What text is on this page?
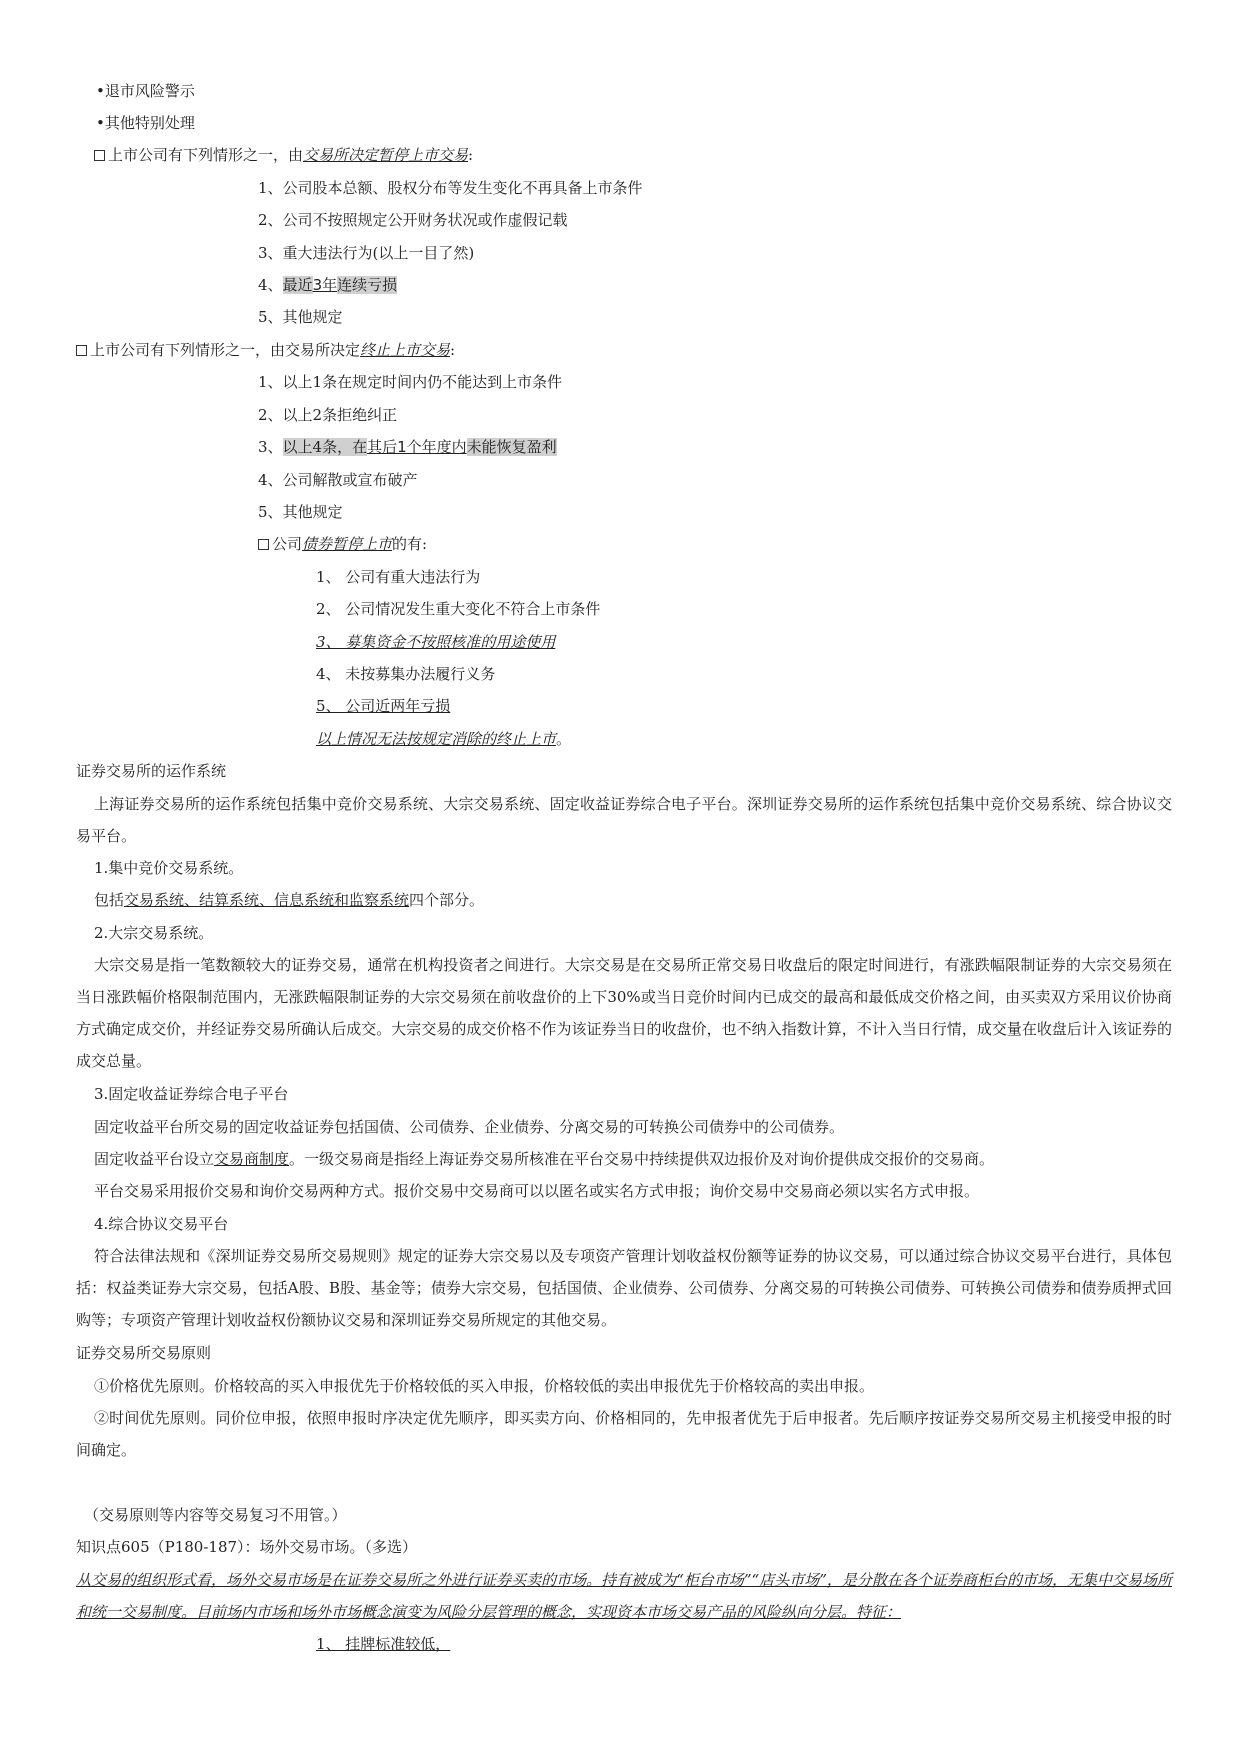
•退市风险警示
•其他特别处理
上市公司有下列情形之一，由交易所决定暂停上市交易:
1、公司股本总额、股权分布等发生变化不再具备上市条件
2、公司不按照规定公开财务状况或作虚假记载
3、重大违法行为(以上一目了然)
4、最近3年连续亏损
5、其他规定
上市公司有下列情形之一，由交易所决定终止上市交易:
1、以上1条在规定时间内仍不能达到上市条件
2、以上2条拒绝纠正
3、以上4条，在其后1个年度内未能恢复盈利
4、公司解散或宣布破产
5、其他规定
公司债券暂停上市的有:
1、 公司有重大违法行为
2、 公司情况发生重大变化不符合上市条件
3、 募集资金不按照核准的用途使用
4、 未按募集办法履行义务
5、 公司近两年亏损
以上情况无法按规定消除的终止上市。
证券交易所的运作系统
上海证券交易所的运作系统包括集中竞价交易系统、大宗交易系统、固定收益证券综合电子平台。深圳证券交易所的运作系统包括集中竞价交易系统、综合协议交易平台。
1.集中竞价交易系统。
包括交易系统、结算系统、信息系统和监察系统四个部分。
2.大宗交易系统。
大宗交易是指一笔数额较大的证券交易，通常在机构投资者之间进行。大宗交易是在交易所正常交易日收盘后的限定时间进行，有涨跌幅限制证券的大宗交易须在当日涨跌幅价格限制范围内，无涨跌幅限制证券的大宗交易须在前收盘价的上下30%或当日竞价时间内已成交的最高和最低成交价格之间，由买卖双方采用议价协商方式确定成交价，并经证券交易所确认后成交。大宗交易的成交价格不作为该证券当日的收盘价，也不纳入指数计算，不计入当日行情，成交量在收盘后计入该证券的成交总量。
3.固定收益证券综合电子平台
固定收益平台所交易的固定收益证券包括国债、公司债券、企业债券、分离交易的可转换公司债券中的公司债券。
固定收益平台设立交易商制度。一级交易商是指经上海证券交易所核准在平台交易中持续提供双边报价及对询价提供成交报价的交易商。
平台交易采用报价交易和询价交易两种方式。报价交易中交易商可以以匿名或实名方式申报；询价交易中交易商必须以实名方式申报。
4.综合协议交易平台
符合法律法规和《深圳证券交易所交易规则》规定的证券大宗交易以及专项资产管理计划收益权份额等证券的协议交易，可以通过综合协议交易平台进行，具体包括：权益类证券大宗交易，包括A股、B股、基金等；债券大宗交易，包括国债、企业债券、公司债券、分离交易的可转换公司债券、可转换公司债券和债券质押式回购等；专项资产管理计划收益权份额协议交易和深圳证券交易所规定的其他交易。
证券交易所交易原则
①价格优先原则。价格较高的买入申报优先于价格较低的买入申报，价格较低的卖出申报优先于价格较高的卖出申报。
②时间优先原则。同价位申报，依照申报时序决定优先顺序，即买卖方向、价格相同的，先申报者优先于后申报者。先后顺序按证券交易所交易主机接受申报的时间确定。
（交易原则等内容等交易复习不用管。）
知识点605（P180-187）：场外交易市场。（多选）
从交易的组织形式看，场外交易市场是在证券交易所之外进行证券买卖的市场。持有被成为“柜台市场”“店头市场”，是分散在各个证券商柜台的市场，无集中交易场所和统一交易制度。目前场内市场和场外市场概念演变为风险分层管理的概念，实现资本市场交易产品的风险纵向分层。特征：
1、 挂牌标准较低，
